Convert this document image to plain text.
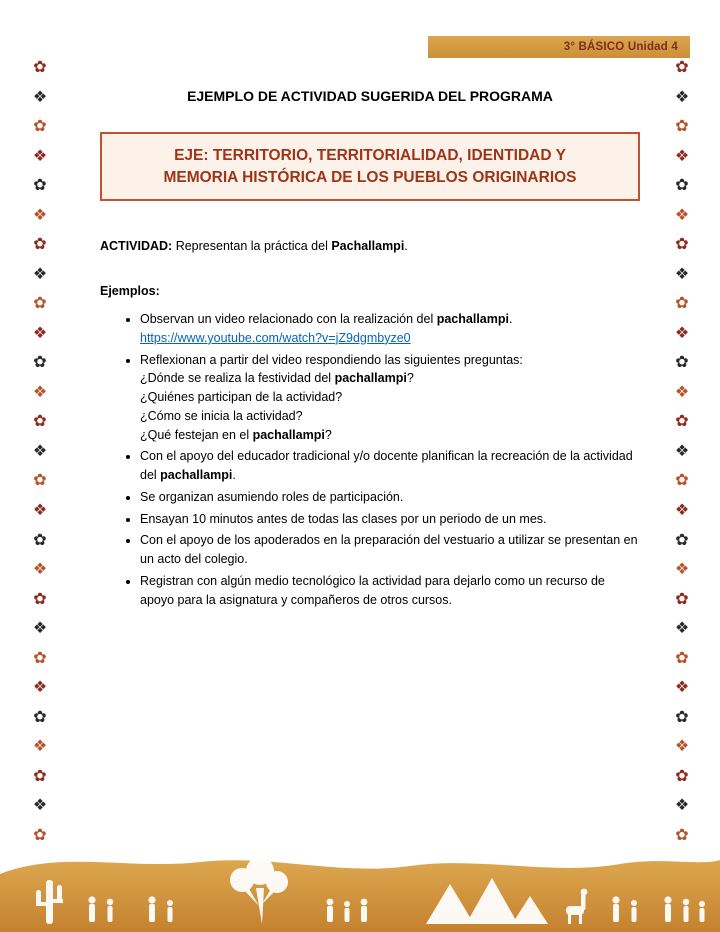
3° BÁSICO Unidad 4
✿
❖
✿
❖
✿
❖
✿
❖
✿
❖
✿
❖
✿
❖
✿
❖
✿
❖
✿
❖
✿
❖
✿
❖
✿
❖
✿
✿
❖
✿
❖
✿
❖
✿
❖
✿
❖
✿
❖
✿
❖
✿
❖
✿
❖
✿
❖
✿
❖
✿
❖
✿
❖
✿
EJEMPLO DE ACTIVIDAD SUGERIDA DEL PROGRAMA
EJE: TERRITORIO, TERRITORIALIDAD, IDENTIDAD Y
MEMORIA HISTÓRICA DE LOS PUEBLOS ORIGINARIOS
ACTIVIDAD: Representan la práctica del Pachallampi.
Ejemplos:
• Observan un video relacionado con la realización del pachallampi.
https://www.youtube.com/watch?v=jZ9dgmbyze0
• Reflexionan a partir del video respondiendo las siguientes preguntas:
¿Dónde se realiza la festividad del pachallampi?
¿Quiénes participan de la actividad?
¿Cómo se inicia la actividad?
¿Qué festejan en el pachallampi?
• Con el apoyo del educador tradicional y/o docente planifican la recreación de la actividad del pachallampi.
• Se organizan asumiendo roles de participación.
• Ensayan 10 minutos antes de todas las clases por un periodo de un mes.
• Con el apoyo de los apoderados en la preparación del vestuario a utilizar se presentan en un acto del colegio.
• Registran con algún medio tecnológico la actividad para dejarlo como un recurso de apoyo para la asignatura y compañeros de otros cursos.
